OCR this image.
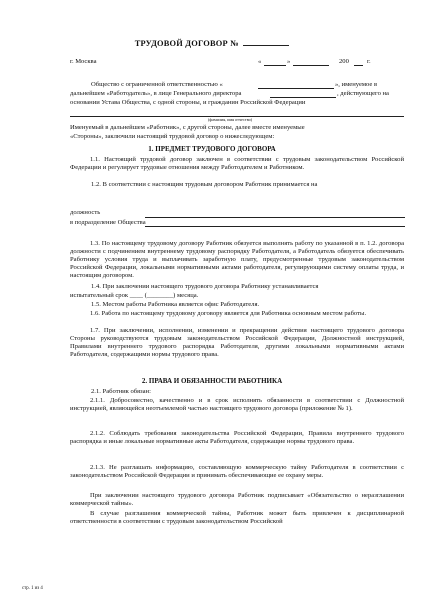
ТРУДОВОЙ ДОГОВОР №
г. Москва	«	»	200	г.
Общество с ограниченной ответственностью «	», именуемое в
дальнейшем «Работодатель», в лице Генерального директора	, действующего на
основании Устава Общества, с одной стороны, и гражданин Российской Федерации
(фамилия, имя отчество)
Именуемый в дальнейшем «Работник», с другой стороны, далее вместе именуемые
«Стороны», заключили настоящий трудовой договор о нижеследующем:
1. ПРЕДМЕТ ТРУДОВОГО ДОГОВОРА
1.1. Настоящий трудовой договор заключен в соответствии с трудовым законодательством Российской Федерации и регулирует трудовые отношения между Работодателем и Работником.
1.2. В соответствии с настоящим трудовым договором Работник принимается на
должность
в подразделение Общества
1.3. По настоящему трудовому договору Работник обязуется выполнять работу по указанной в п. 1.2. договора должности с подчинением внутреннему трудовому распорядку Работодателя, а Работодатель обязуется обеспечивать Работнику условия труда и выплачивать заработную плату, предусмотренные трудовым законодательством Российской Федерации, локальными нормативными актами работодателя, регулирующими систему оплаты труда, и настоящим договором.
1.4. При заключении настоящего трудового договора Работнику устанавливается
испытательный срок ____ (________) месяца.
1.5. Местом работы Работника является офис Работодателя.
1.6. Работа по настоящему трудовому договору является для Работника основным местом работы.
1.7. При заключении, исполнении, изменении и прекращении действия настоящего трудового договора Стороны руководствуются трудовым законодательством Российской Федерации, Должностной инструкцией, Правилами внутреннего трудового распорядка Работодателя, другими локальными нормативными актами Работодателя, содержащими нормы трудового права.
2. ПРАВА И ОБЯЗАННОСТИ РАБОТНИКА
2.1. Работник обязан:
2.1.1. Добросовестно, качественно и в срок исполнять обязанности в соответствии с Должностной инструкцией, являющейся неотъемлемой частью настоящего трудового договора (приложение № 1).
2.1.2. Соблюдать требования законодательства Российской Федерации, Правила внутреннего трудового распорядка и иные локальные нормативные акты Работодателя, содержащие нормы трудового права.
2.1.3. Не разглашать информацию, составляющую коммерческую тайну Работодателя в соответствии с законодательством Российской Федерации и принимать обеспечивающие ее охрану меры.
При заключении настоящего трудового договора Работник подписывает «Обязательство о неразглашении коммерческой тайны».
В случае разглашения коммерческой тайны, Работник может быть привлечен к дисциплинарной ответственности в соответствии с трудовым законодательством Российской
стр. 1 из 4
